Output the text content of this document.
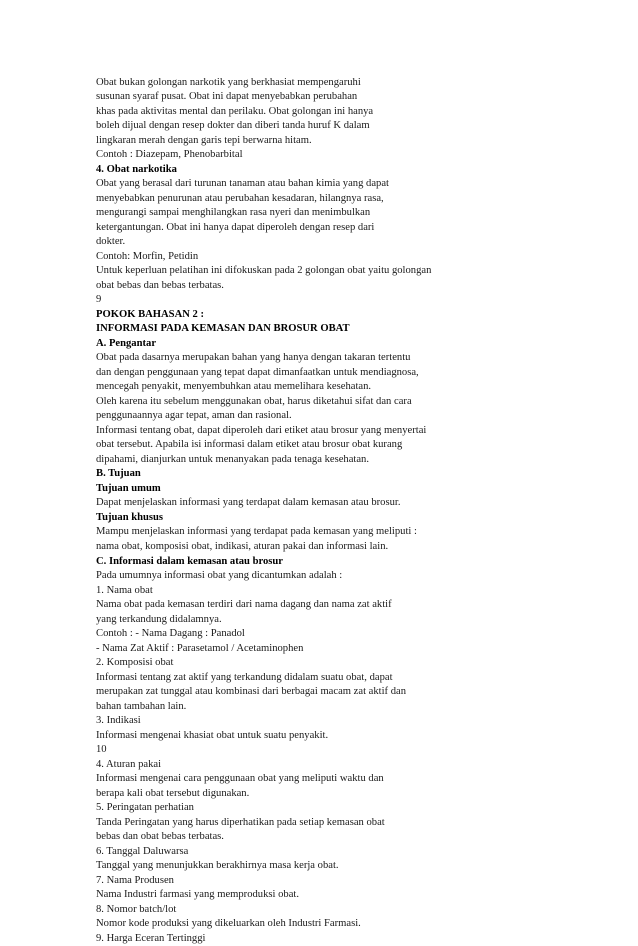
Obat bukan golongan narkotik yang berkhasiat mempengaruhi
susunan syaraf pusat. Obat ini dapat menyebabkan perubahan
khas pada aktivitas mental dan perilaku. Obat golongan ini hanya
boleh dijual dengan resep dokter dan diberi tanda huruf K dalam
lingkaran merah dengan garis tepi berwarna hitam.
Contoh : Diazepam, Phenobarbital
4. Obat narkotika
Obat yang berasal dari turunan tanaman atau bahan kimia yang dapat
menyebabkan penurunan atau perubahan kesadaran, hilangnya rasa,
mengurangi sampai menghilangkan rasa nyeri dan menimbulkan
ketergantungan. Obat ini hanya dapat diperoleh dengan resep dari
dokter.
Contoh: Morfin, Petidin
Untuk keperluan pelatihan ini difokuskan pada 2 golongan obat yaitu golongan
obat bebas dan bebas terbatas.
9
POKOK BAHASAN 2 :
INFORMASI PADA KEMASAN DAN BROSUR OBAT
A. Pengantar
Obat pada dasarnya merupakan bahan yang hanya dengan takaran tertentu
dan dengan penggunaan yang tepat dapat dimanfaatkan untuk mendiagnosa,
mencegah penyakit, menyembuhkan atau memelihara kesehatan.
Oleh karena itu sebelum menggunakan obat, harus diketahui sifat dan cara
penggunaannya agar tepat, aman dan rasional.
Informasi tentang obat, dapat diperoleh dari etiket atau brosur yang menyertai
obat tersebut. Apabila isi informasi dalam etiket atau brosur obat kurang
dipahami, dianjurkan untuk menanyakan pada tenaga kesehatan.
B. Tujuan
Tujuan umum
Dapat menjelaskan informasi yang terdapat dalam kemasan atau brosur.
Tujuan khusus
Mampu menjelaskan informasi yang terdapat pada kemasan yang meliputi :
nama obat, komposisi obat, indikasi, aturan pakai dan informasi lain.
C. Informasi dalam kemasan atau brosur
Pada umumnya informasi obat yang dicantumkan adalah :
1. Nama obat
Nama obat pada kemasan terdiri dari nama dagang dan nama zat aktif
yang terkandung didalamnya.
Contoh : - Nama Dagang : Panadol
- Nama Zat Aktif : Parasetamol / Acetaminophen
2. Komposisi obat
Informasi tentang zat aktif yang terkandung didalam suatu obat, dapat
merupakan zat tunggal atau kombinasi dari berbagai macam zat aktif dan
bahan tambahan lain.
3. Indikasi
Informasi mengenai khasiat obat untuk suatu penyakit.
10
4. Aturan pakai
Informasi mengenai cara penggunaan obat yang meliputi waktu dan
berapa kali obat tersebut digunakan.
5. Peringatan perhatian
Tanda Peringatan yang harus diperhatikan pada setiap kemasan obat
bebas dan obat bebas terbatas.
6. Tanggal Daluwarsa
Tanggal yang menunjukkan berakhirnya masa kerja obat.
7. Nama Produsen
Nama Industri farmasi yang memproduksi obat.
8. Nomor batch/lot
Nomor kode produksi yang dikeluarkan oleh Industri Farmasi.
9. Harga Eceran Tertinggi
